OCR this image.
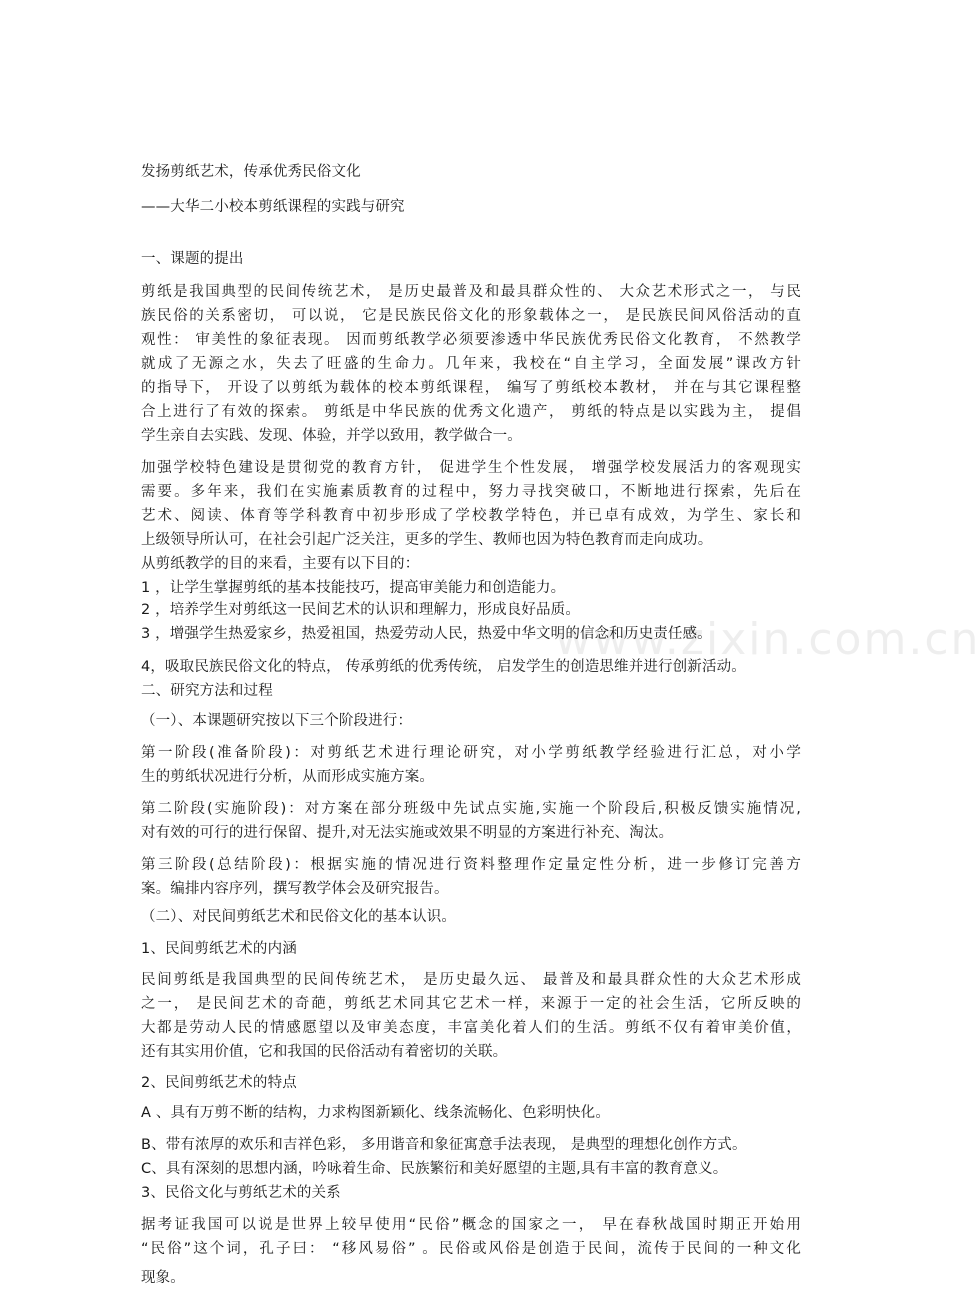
www.zixin.com.cn
发扬剪纸艺术，传承优秀民俗文化
——大华二小校本剪纸课程的实践与研究
一、课题的提出
剪纸是我国典型的民间传统艺术， 是历史最普及和最具群众性的、 大众艺术形式之一， 与民
族民俗的关系密切， 可以说， 它是民族民俗文化的形象载体之一， 是民族民间风俗活动的直
观性： 审美性的象征表现。 因而剪纸教学必须要渗透中华民族优秀民俗文化教育， 不然教学
就成了无源之水，失去了旺盛的生命力。几年来，我校在“自主学习，全面发展”课改方针
的指导下， 开设了以剪纸为载体的校本剪纸课程， 编写了剪纸校本教材， 并在与其它课程整
合上进行了有效的探索。 剪纸是中华民族的优秀文化遗产， 剪纸的特点是以实践为主， 提倡
学生亲自去实践、发现、体验，并学以致用，教学做合一。
加强学校特色建设是贯彻党的教育方针， 促进学生个性发展， 增强学校发展活力的客观现实
需要。多年来，我们在实施素质教育的过程中，努力寻找突破口，不断地进行探索，先后在
艺术、阅读、体育等学科教育中初步形成了学校教学特色，并已卓有成效，为学生、家长和
上级领导所认可，在社会引起广泛关注，更多的学生、教师也因为特色教育而走向成功。
从剪纸教学的目的来看，主要有以下目的：
1 ，让学生掌握剪纸的基本技能技巧，提高审美能力和创造能力。
2 ，培养学生对剪纸这一民间艺术的认识和理解力，形成良好品质。
3 ，增强学生热爱家乡，热爱祖国，热爱劳动人民，热爱中华文明的信念和历史责任感。
4，吸取民族民俗文化的特点， 传承剪纸的优秀传统， 启发学生的创造思维并进行创新活动。
二、研究方法和过程
（一）、本课题研究按以下三个阶段进行：
第一阶段(准备阶段)：对剪纸艺术进行理论研究，对小学剪纸教学经验进行汇总，对小学
生的剪纸状况进行分析，从而形成实施方案。
第二阶段(实施阶段)：对方案在部分班级中先试点实施,实施一个阶段后,积极反馈实施情况,
对有效的可行的进行保留、提升,对无法实施或效果不明显的方案进行补充、淘汰。
第三阶段(总结阶段)：根据实施的情况进行资料整理作定量定性分析，进一步修订完善方
案。编排内容序列，撰写教学体会及研究报告。
（二）、对民间剪纸艺术和民俗文化的基本认识。
1、民间剪纸艺术的内涵
民间剪纸是我国典型的民间传统艺术， 是历史最久远、 最普及和最具群众性的大众艺术形成
之一， 是民间艺术的奇葩，剪纸艺术同其它艺术一样，来源于一定的社会生活，它所反映的
大都是劳动人民的情感愿望以及审美态度，丰富美化着人们的生活。剪纸不仅有着审美价值，
还有其实用价值，它和我国的民俗活动有着密切的关联。
2、民间剪纸艺术的特点
A 、具有万剪不断的结构，力求构图新颖化、线条流畅化、色彩明快化。
B、带有浓厚的欢乐和吉祥色彩， 多用谐音和象征寓意手法表现， 是典型的理想化创作方式。
C、具有深刻的思想内涵，吟咏着生命、民族繁衍和美好愿望的主题,具有丰富的教育意义。
3、民俗文化与剪纸艺术的关系
据考证我国可以说是世界上较早使用“民俗”概念的国家之一， 早在春秋战国时期正开始用
“民俗”这个词，孔子曰： “移风易俗” 。民俗或风俗是创造于民间，流传于民间的一种文化
现象。
